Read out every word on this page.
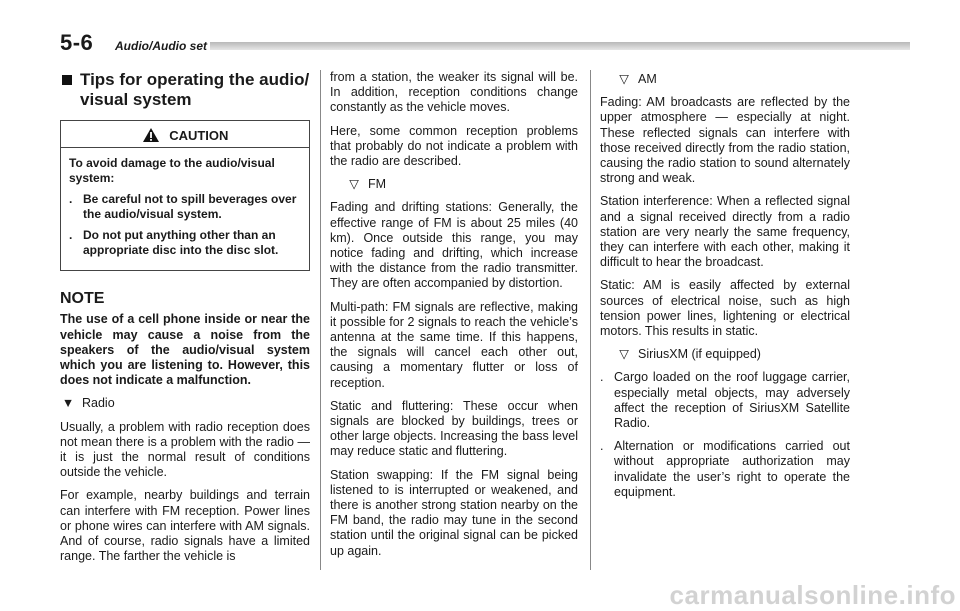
5-6 Audio/Audio set
Tips for operating the audio/ visual system
CAUTION
To avoid damage to the audio/visual system:
. Be careful not to spill beverages over the audio/visual system.
. Do not put anything other than an appropriate disc into the disc slot.
NOTE

The use of a cell phone inside or near the vehicle may cause a noise from the speakers of the audio/visual system which you are listening to. However, this does not indicate a malfunction.

▼ Radio

Usually, a problem with radio reception does not mean there is a problem with the radio — it is just the normal result of conditions outside the vehicle.

For example, nearby buildings and terrain can interfere with FM reception. Power lines or phone wires can interfere with AM signals. And of course, radio signals have a limited range. The farther the vehicle is

from a station, the weaker its signal will be. In addition, reception conditions change constantly as the vehicle moves.

Here, some common reception problems that probably do not indicate a problem with the radio are described.

▽ FM

Fading and drifting stations: Generally, the effective range of FM is about 25 miles (40 km). Once outside this range, you may notice fading and drifting, which increase with the distance from the radio transmitter. They are often accompanied by distortion.

Multi-path: FM signals are reflective, making it possible for 2 signals to reach the vehicle’s antenna at the same time. If this happens, the signals will cancel each other out, causing a momentary flutter or loss of reception.

Static and fluttering: These occur when signals are blocked by buildings, trees or other large objects. Increasing the bass level may reduce static and fluttering.

Station swapping: If the FM signal being listened to is interrupted or weakened, and there is another strong station nearby on the FM band, the radio may tune in the second station until the original signal can be picked up again.

▽ AM

Fading: AM broadcasts are reflected by the upper atmosphere — especially at night. These reflected signals can interfere with those received directly from the radio station, causing the radio station to sound alternately strong and weak.

Station interference: When a reflected signal and a signal received directly from a radio station are very nearly the same frequency, they can interfere with each other, making it difficult to hear the broadcast.

Static: AM is easily affected by external sources of electrical noise, such as high tension power lines, lightening or electrical motors. This results in static.

▽ SiriusXM (if equipped)
. Cargo loaded on the roof luggage carrier, especially metal objects, may adversely affect the reception of SiriusXM Satellite Radio.
. Alternation or modifications carried out without appropriate authorization may invalidate the user’s right to operate the equipment.
carmanualsonline.info
